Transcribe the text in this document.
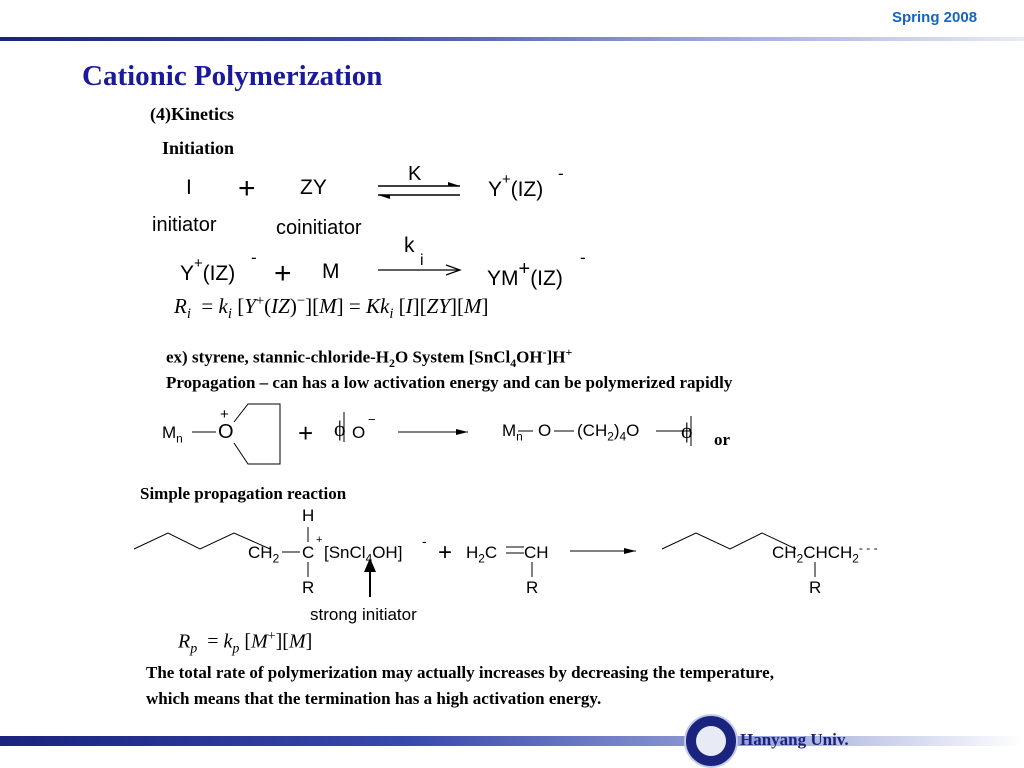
Spring 2008
Cationic Polymerization
(4)Kinetics
Initiation
I + ZY
K
Y+(IZ)
-
initiator	coinitiator
Y+(IZ)
- + M
k
i
YM+(IZ)
-
$R_i = k_i$ $[Y^+(IZ)^-][M] = Kk_i$ [I][ZY][M]
ex) styrene, stannic-$chloride-H_2O$ System [SnCl$_4$OH-]H+
Propagation – can has a low activation energy and can be polymerized rapidly
$M_n$ O
+
+ ϕ O
−
$M_n$ O $(CH_2)_4O$ ϕ or
Simple propagation reaction
H
$CH_2$ C
+
[SnCl$_4$OH]
-
R
+ $H_2C$ CH
R
$CH_2CHCH_2^{- - -}$
R
strong initiator
$R_p = k_p$ [M+][M]
The total rate of polymerization may actually increases by decreasing the temperature,
which means that the termination has a high activation energy.
Hanyang Univ.
